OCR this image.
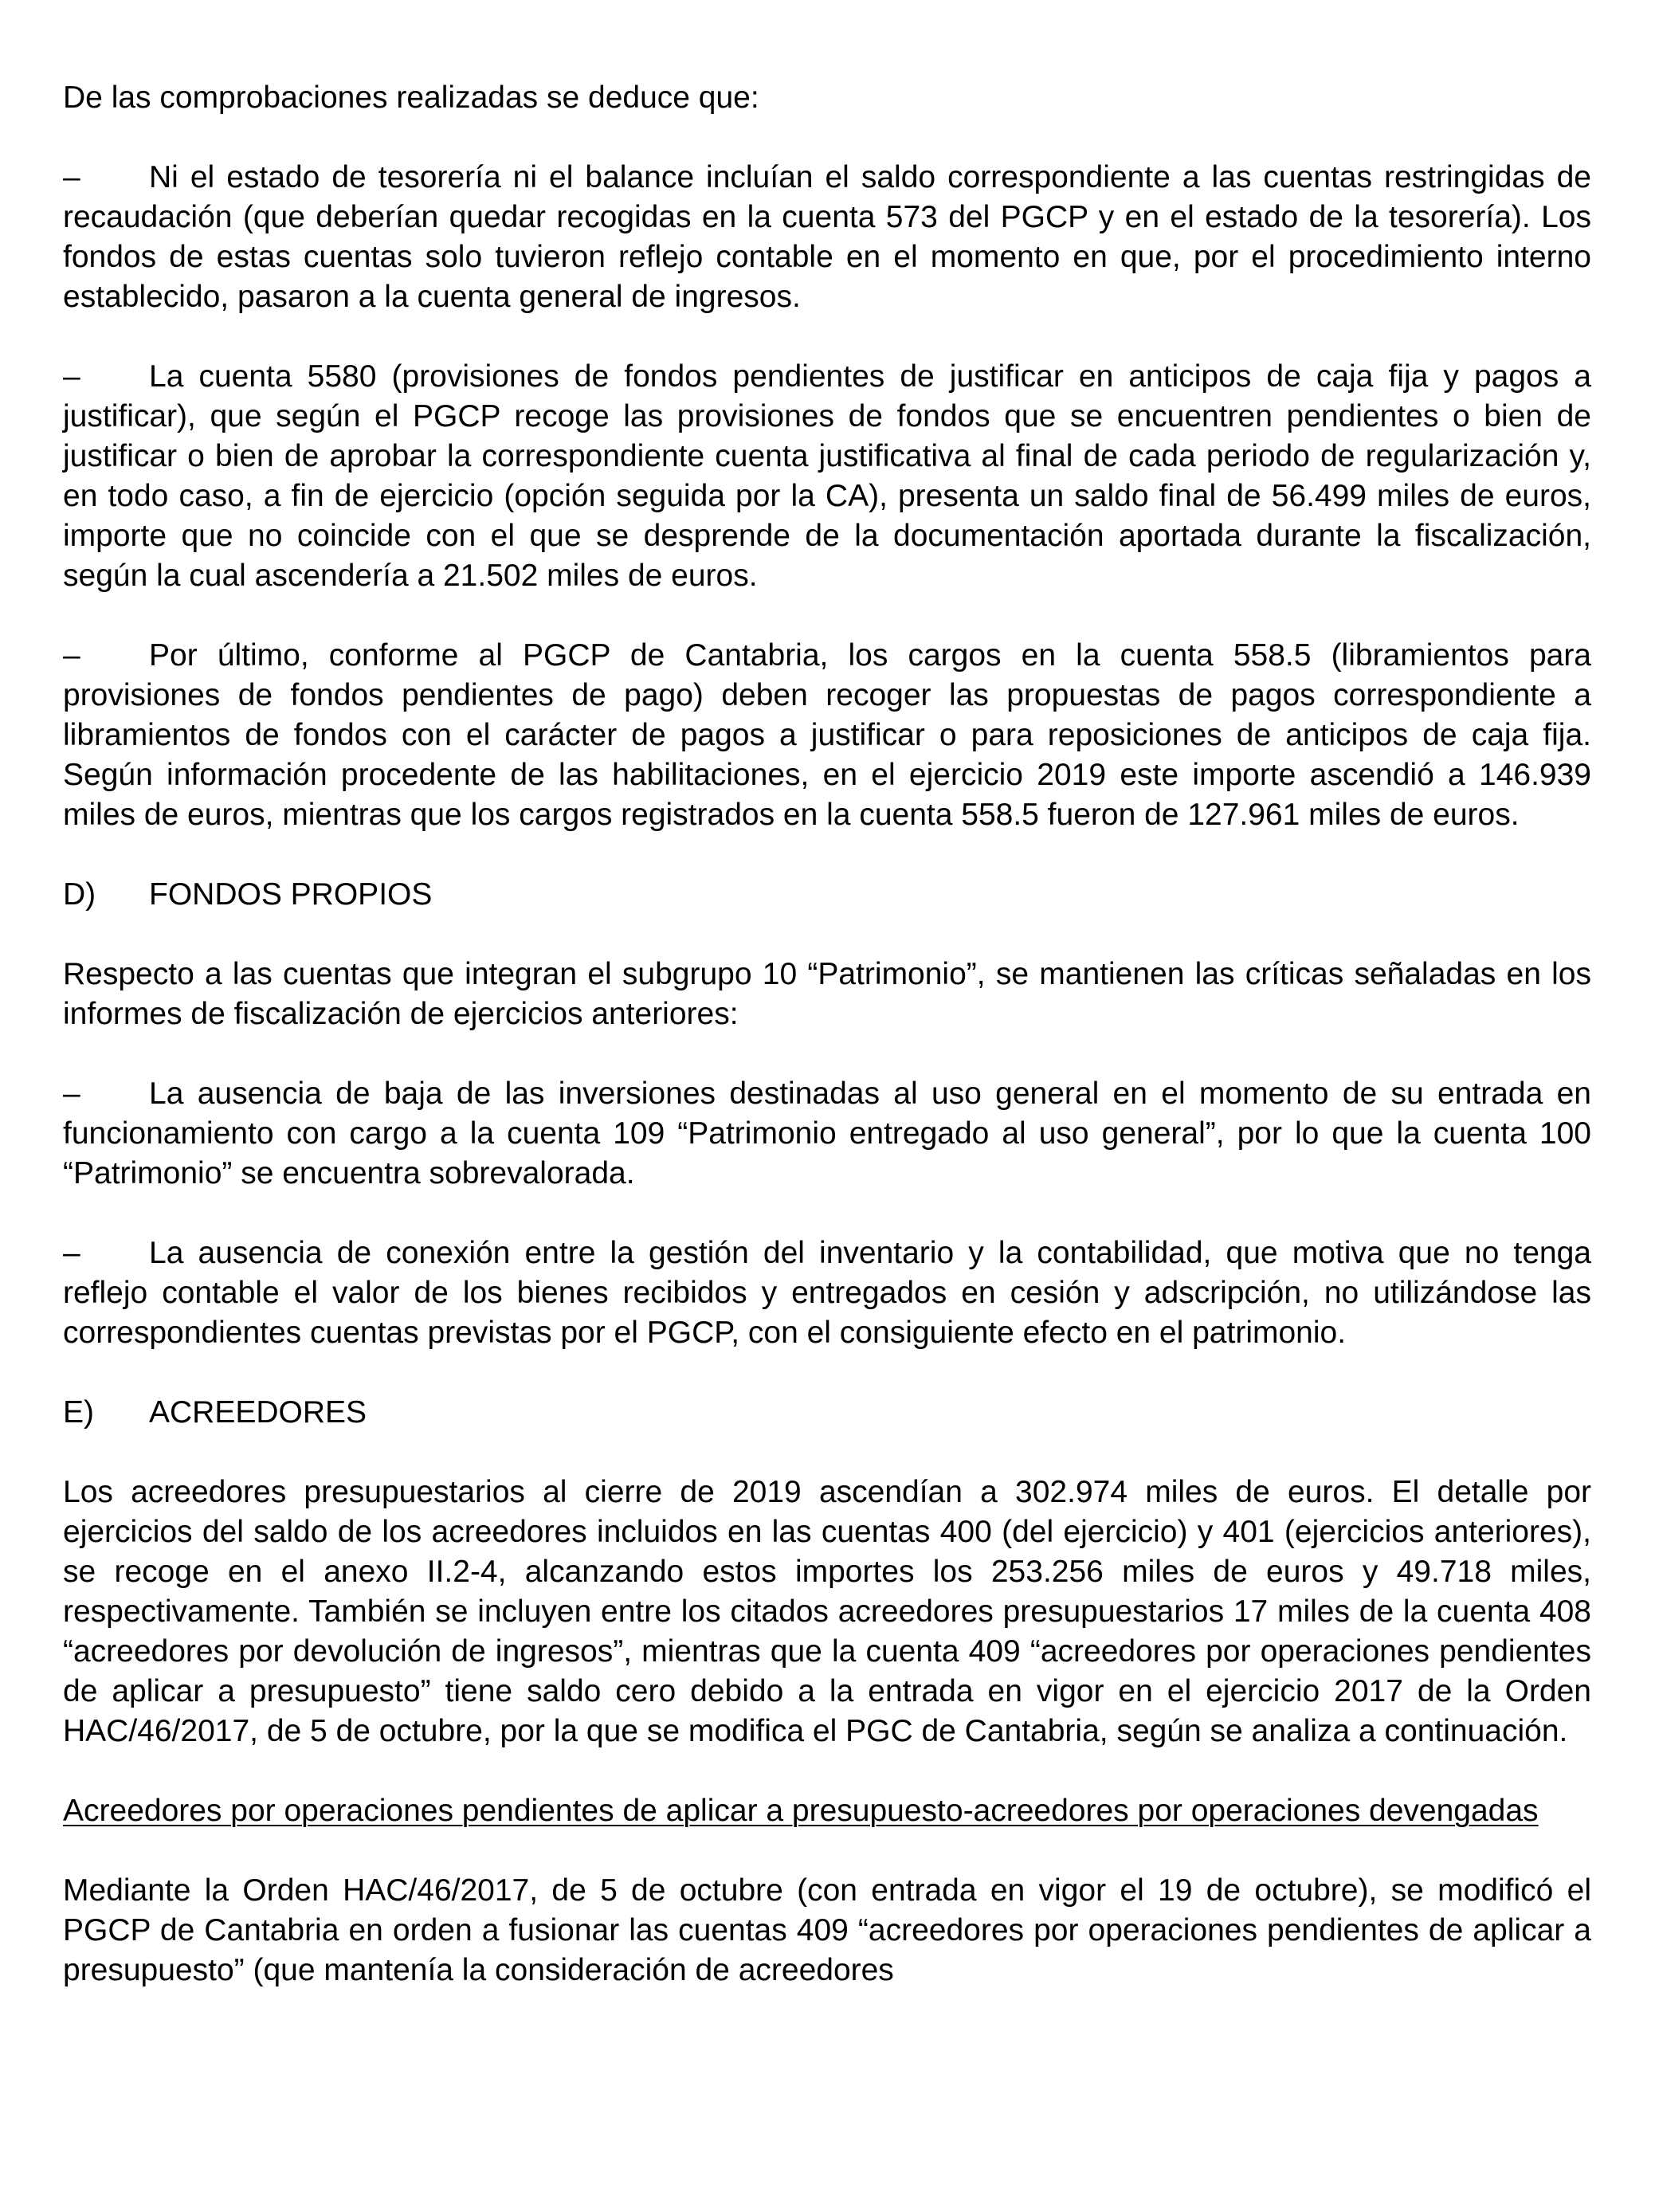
De las comprobaciones realizadas se deduce que:

– Ni el estado de tesorería ni el balance incluían el saldo correspondiente a las cuentas restringidas de recaudación (que deberían quedar recogidas en la cuenta 573 del PGCP y en el estado de la tesorería). Los fondos de estas cuentas solo tuvieron reflejo contable en el momento en que, por el procedimiento interno establecido, pasaron a la cuenta general de ingresos.

– La cuenta 5580 (provisiones de fondos pendientes de justificar en anticipos de caja fija y pagos a justificar), que según el PGCP recoge las provisiones de fondos que se encuentren pendientes o bien de justificar o bien de aprobar la correspondiente cuenta justificativa al final de cada periodo de regularización y, en todo caso, a fin de ejercicio (opción seguida por la CA), presenta un saldo final de 56.499 miles de euros, importe que no coincide con el que se desprende de la documentación aportada durante la fiscalización, según la cual ascendería a 21.502 miles de euros.

– Por último, conforme al PGCP de Cantabria, los cargos en la cuenta 558.5 (libramientos para provisiones de fondos pendientes de pago) deben recoger las propuestas de pagos correspondiente a libramientos de fondos con el carácter de pagos a justificar o para reposiciones de anticipos de caja fija. Según información procedente de las habilitaciones, en el ejercicio 2019 este importe ascendió a 146.939 miles de euros, mientras que los cargos registrados en la cuenta 558.5 fueron de 127.961 miles de euros.

D) FONDOS PROPIOS

Respecto a las cuentas que integran el subgrupo 10 “Patrimonio”, se mantienen las críticas señaladas en los informes de fiscalización de ejercicios anteriores:

– La ausencia de baja de las inversiones destinadas al uso general en el momento de su entrada en funcionamiento con cargo a la cuenta 109 “Patrimonio entregado al uso general”, por lo que la cuenta 100 “Patrimonio” se encuentra sobrevalorada.

– La ausencia de conexión entre la gestión del inventario y la contabilidad, que motiva que no tenga reflejo contable el valor de los bienes recibidos y entregados en cesión y adscripción, no utilizándose las correspondientes cuentas previstas por el PGCP, con el consiguiente efecto en el patrimonio.

E) ACREEDORES

Los acreedores presupuestarios al cierre de 2019 ascendían a 302.974 miles de euros. El detalle por ejercicios del saldo de los acreedores incluidos en las cuentas 400 (del ejercicio) y 401 (ejercicios anteriores), se recoge en el anexo II.2-4, alcanzando estos importes los 253.256 miles de euros y 49.718 miles, respectivamente. También se incluyen entre los citados acreedores presupuestarios 17 miles de la cuenta 408 “acreedores por devolución de ingresos”, mientras que la cuenta 409 “acreedores por operaciones pendientes de aplicar a presupuesto” tiene saldo cero debido a la entrada en vigor en el ejercicio 2017 de la Orden HAC/46/2017, de 5 de octubre, por la que se modifica el PGC de Cantabria, según se analiza a continuación.

Acreedores por operaciones pendientes de aplicar a presupuesto-acreedores por operaciones devengadas

Mediante la Orden HAC/46/2017, de 5 de octubre (con entrada en vigor el 19 de octubre), se modificó el PGCP de Cantabria en orden a fusionar las cuentas 409 “acreedores por operaciones pendientes de aplicar a presupuesto” (que mantenía la consideración de acreedores
